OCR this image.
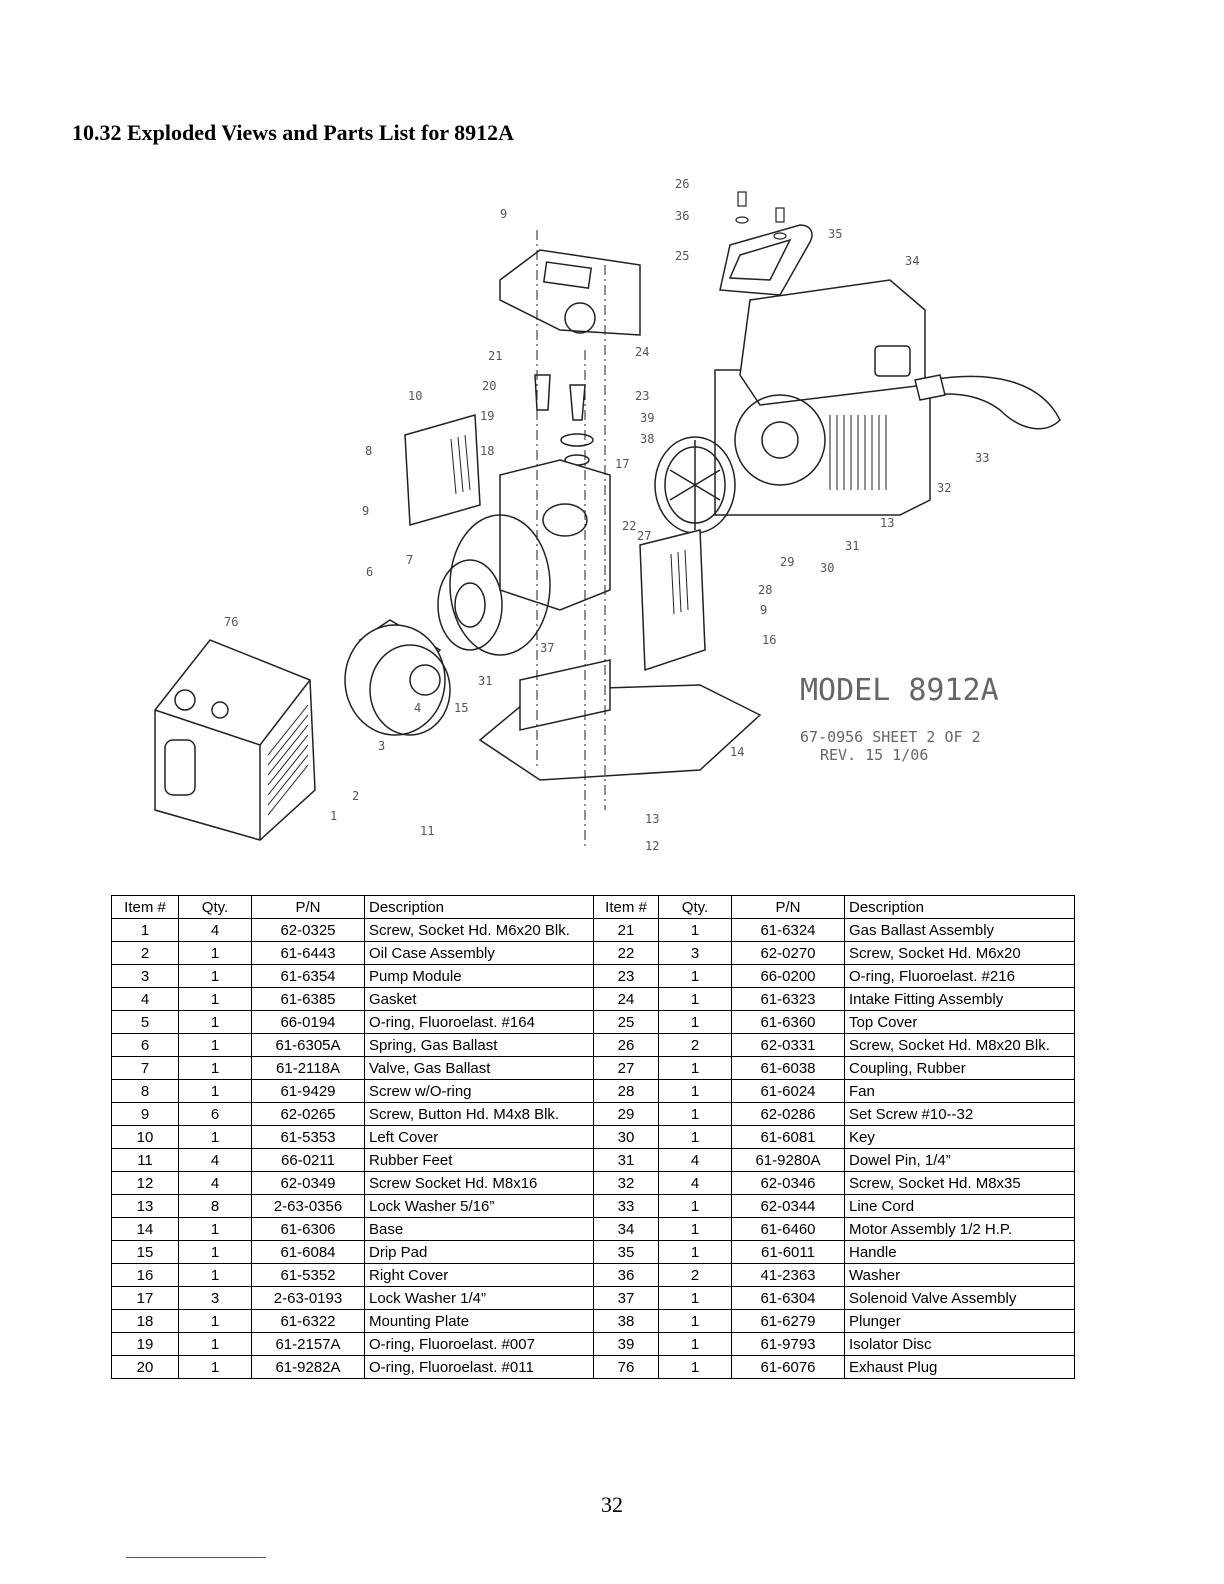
10.32 Exploded Views and Parts List for 8912A
26
36
35
34
9
25
21	24
20
23
10
19	39
18
38
8
17	33
32
13
9
22
27
30
31
29
28
7
6
9
16
76
37
31
15
4
3	14
2
1
11
13
12
MODEL 8912A
67-0956 SHEET 2 OF 2
REV. 15 1/06
Item #	Qty.	P/N	Description	Item #	Qty.	P/N	Description
1	4	62-0325	Screw, Socket Hd. M6x20 Blk.	21	1	61-6324	Gas Ballast Assembly
2	1	61-6443	Oil Case Assembly	22	3	62-0270	Screw, Socket Hd. M6x20
3	1	61-6354	Pump Module	23	1	66-0200	O-ring, Fluoroelast. #216
4	1	61-6385	Gasket	24	1	61-6323	Intake Fitting Assembly
5	1	66-0194	O-ring, Fluoroelast. #164	25	1	61-6360	Top Cover
6	1	61-6305A	Spring, Gas Ballast	26	2	62-0331	Screw, Socket Hd. M8x20 Blk.
7	1	61-2118A	Valve, Gas Ballast	27	1	61-6038	Coupling, Rubber
8	1	61-9429	Screw w/O-ring	28	1	61-6024	Fan
9	6	62-0265	Screw, Button Hd. M4x8 Blk.	29	1	62-0286	Set Screw #10--32
10	1	61-5353	Left Cover	30	1	61-6081	Key
11	4	66-0211	Rubber Feet	31	4	61-9280A	Dowel Pin, 1/4”
12	4	62-0349	Screw Socket Hd. M8x16	32	4	62-0346	Screw, Socket Hd. M8x35
13	8	2-63-0356	Lock Washer 5/16”	33	1	62-0344	Line Cord
14	1	61-6306	Base	34	1	61-6460	Motor Assembly 1/2 H.P.
15	1	61-6084	Drip Pad	35	1	61-6011	Handle
16	1	61-5352	Right Cover	36	2	41-2363	Washer
17	3	2-63-0193	Lock Washer 1/4”	37	1	61-6304	Solenoid Valve Assembly
18	1	61-6322	Mounting Plate	38	1	61-6279	Plunger
19	1	61-2157A	O-ring, Fluoroelast. #007	39	1	61-9793	Isolator Disc
20	1	61-9282A	O-ring, Fluoroelast. #011	76	1	61-6076	Exhaust Plug
32
